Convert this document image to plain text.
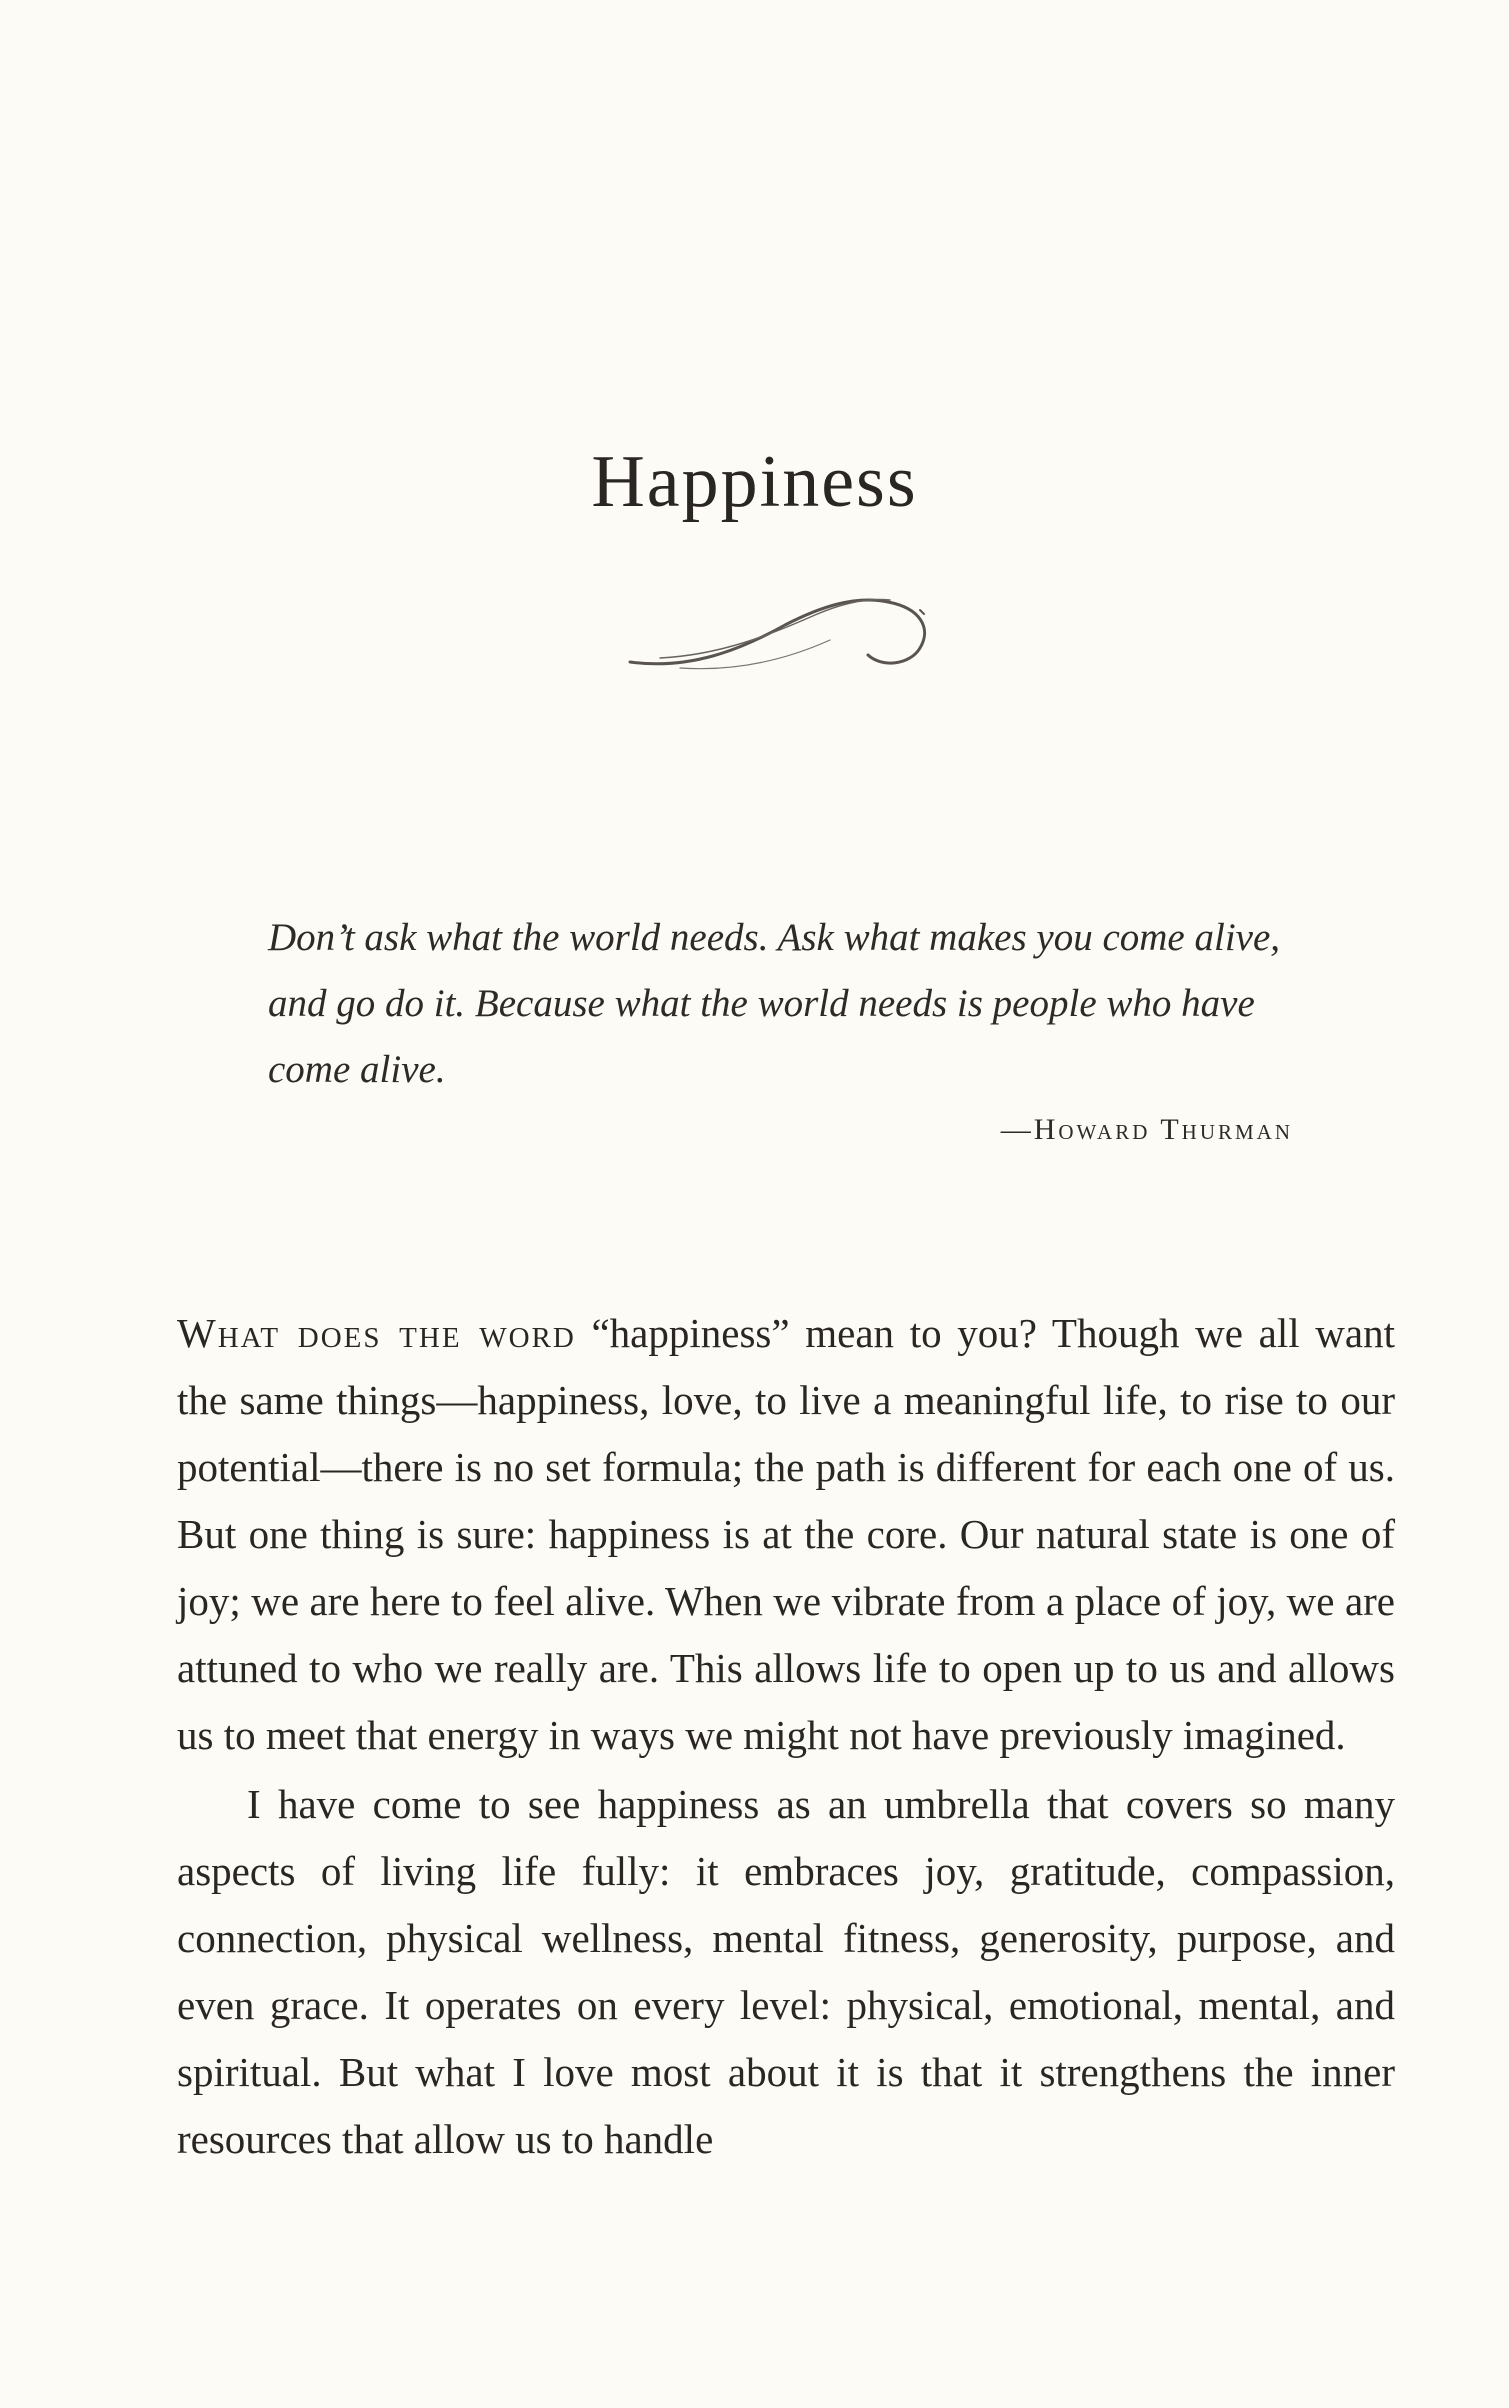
Happiness

Don’t ask what the world needs. Ask what makes you come alive, and go do it. Because what the world needs is people who have come alive.

—Howard Thurman

What does the word “happiness” mean to you? Though we all want the same things—happiness, love, to live a meaningful life, to rise to our potential—there is no set formula; the path is different for each one of us. But one thing is sure: happiness is at the core. Our natural state is one of joy; we are here to feel alive. When we vibrate from a place of joy, we are attuned to who we really are. This allows life to open up to us and allows us to meet that energy in ways we might not have previously imagined.

I have come to see happiness as an umbrella that covers so many aspects of living life fully: it embraces joy, gratitude, compassion, connection, physical wellness, mental fitness, generosity, purpose, and even grace. It operates on every level: physical, emotional, mental, and spiritual. But what I love most about it is that it strengthens the inner resources that allow us to handle
